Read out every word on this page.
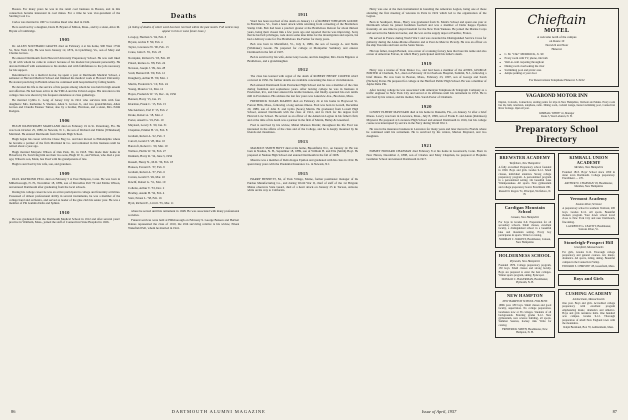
Boston. For many years he was in the retail coal business in Boston, and in this connection became interested in coal mines. For a time he was vice-president of the Sterling Coal Co.

Carlos was married in 1907 to Caroline Read who died in 1949.

He is survived by a daughter, Doris B. Bryant of Milton, Mass., and by a sister, Alice M. Bryant of Cambridge.

1905

Dr. ALLEN SOUTHARD GRAVES died on February 4 at his home, 900 West 175th St., New York City. He was born January 12, 1874, in Lynchburg, Va., son of Mary and Charles Graves.

He entered Dartmouth from Howard University Preparatory School. He was well liked by all with whom he came in contact because of his modest but pleasant personality. He devoted himself with earnestness to his studies and with faithfulness to the jobs necessary for his support.

Determined to be a medical doctor, he spent a year at Dartmouth Medical School, a semester at Harvard Medical School and finished his medical work at Howard University. He started practicing in Harlem where he continued until hospitalized by failing health.

He devoted his life to the service of his people among whom he was held in high esteem and affection. He had been active in the YMCA and the Urban League. His devotion to his college class was shown by his frequent attendance at class gatherings.

He married Cyblla C. Long of Jersey City in 1912 who survives him with four daughters: Mrs. Katharine S. Shelton, Allen S. Graves Jr., and two grandchildren, Allen Graves and Claudia Eleanor Turner, also by a brother, Harrison, and a sister, Mrs. Edith Rodgers.

1906

HUGH WAINWRIGHT MARTLAND died on February 19 in St. Petersburg, Fla. He was born October 25, 1886, in Newark, N. J., the son of Richard and Emma (Whitehead) Martland. He entered Dartmouth from Newark High School.

Hugh began his career with the Chase Bag Co. and later moved to Philadelphia where he became a partner of the firm Martland & Co. and remained in this business until he retired about a year ago.

Hugh married Marjorie Wilson of Oak Park, Ill., in 1918. This made their home in Haverford, Pa. Surviving him are their two sons, Hugh W. Jr., and Wilson, who died a year ago; Wilson's son, Mark, has lived with his grandparents of late.

Hugh is survived by his wife, son, and grandson.

1909

PAUL RAYMOND PELL died on February 5 at East Hampton, Conn. He was born in Millerborough, N. H., November 18, 1889, son of Marcellus Pell '70 and Emma Wilson, and entered Dartmouth after graduating from the local schools.

During his college career he was an active participant in college and fraternity activities. Possessed of almost professional ability in several instruments, he was a member of the college band and orchestra, and served as leader of the glee club his senior year. He was a member of Phi Gamma Delta and Sphinx.

1910

He was graduated from the Dartmouth Medical School in 1912 and after several years' practice in Waltham, Mass., joined the staff of Connecticut State Hospital in 1926.

Deaths
(A listing of deaths of which word has been received within the past month. Full notices may appear in this or some future issue.)

Lovejoy, Herman S. '94, Feb. 3

Bryant, Archie F. '99, Feb. 4

Taylor, Lawrence W. '00, Feb. 13

Crane, John E. '01, Feb. 23

Nordquist, Richard S. '03, Feb. 28

Pinard, Romeo G. '08, Feb. 24

Newson, Joseph J. '09, Jan. 28

Scull, Bernard M. '09, Feb. 12

Daugherty, Arthur H. '09, Mar. 1

Martin, Frederick S. '10, Feb. 24

Young, Maurice '12, Mar. 12

Hayes, Frederick W. '13, Dec. 14, 1956

Bennett, Harry '15, Jan. 25

Klarman, Frank C. '15, Feb. 15

MacAndrews, Earl P. '15, Feb. 2

Drake, Robert A. '18, Mar. 2

Porter, Ansell G. '19, Feb. 10

Maynard, Lowry E. '20, Jan. 31

Chapman, Emmet H. '21, Feb. 8

Graham, Robert A. '22, Feb. 3

Carroll, Gerald T. '28, Mar. 10

Bancroft, Robert C. '29, Mar. 10

Wallace, Hollis W. '32, Feb. 27

Dunham, Harry R. '34, June 3, 1956

Russell, Henry N., M.D. '36, Feb. 18

Hanson, Everett E. '37, Feb. 9

Graham, Robert A. '37, Feb. 6

Curran, Gerald T. '49, Mar. 10

Rawlif, Robert G. '51, Mar. 10

Collette, Arthur T. '53, Dec. 2

Bradley, Austin H. '56, Feb. 4

Starr, Ernest L. '58, Feb. 16

Byrd, Richard E., Litt.D. '55, Mar. 11

where he served until his retirement in 1948. He was associated with many professional societies.

Funeral services were held at Hillsborough on February 9. George Benson and Herbert Raines represented the class of 1910, the 45th surviving relative is his widow, Eileen Wakefield Pell, whom he married in 1941.

1911

Word has been received of the death on January 11 of ROBERT WHEATON GOODE, in Brattleboro, Vt., from a heart attack while returning from a meeting of the Brattleboro Stamp Club. Bob had been a precinct greeter at the Brattleboro Retreat for about thirteen years, being their closest link a few years ago and reported that he was improving. Sorry that he had left privileges, rode down some nine miles for the investigation and reports, but had a delivery route for five Brattleboro Re-Former for many years.

Bob was born in Marshfield, Vt., July 6, 1886, the son of George A. and Nettie (Whittaker) Goode. He prepared for college at Montpelier Seminary and entered Dartmouth in the fall of 1907.

Bob is survived by his wife, Anna Gray Goode, and his daughter, Mrs. Doris Bigelow of Brattleboro, and a granddaughter.

1912

The class has learned with regret of the death of ROBERT HENRY COOPER which occurred in 1956. No further details are available concerning the date or circumstances.

Bob entered Dartmouth from Pawtucket High School and he was a member of the class during freshman and sophomore years. After leaving college he was in business in Pawtucket, R.I., and later entered the textile business, and finally operated his own textile mill in Providence. His address the last few years was Lakeview Ave., Brockton, Mass.

FREDERICK SOARS MARTIN died on February 24 at his home in Haywood St., Forrest Hills, Mass., following a long serious illness. Fred was born in Lowell, December 20, 1889, son of John E. and Lydia (Soars) Martin. He graduated from Lowell High School, entered Dartmouth with the class of 1912, and in 1924 for his degree from Harvard Law School. He served as an officer of the American Legion in his father's firm, and at the time of his death was a partner in the firm of Martin, Bailey & Greenleaf.

Fred is survived by his widow, Mabel Marston Martin; throughout his life Fred was interested in the affairs of the class and of the College, and he is deeply mourned by his friends and classmates.

1913

MAURICE SMITH HOYT died at his home, Bloomfield, N.J., on January 12. He was born in Nashua, N. H., September 18, 1889, son of William H. and Ella (Smith) Hoyt. He prepared at Nashua High School and entered Dartmouth in the fall of 1908.

Maurice was a member of Delta Kappa Epsilon and graduated with his class in 1912. He spent many years with the Prudential Insurance Co. in Newark, N.J.

1915

HARRY BENNETT, 84, of York Village, Maine, former postmaster manager of the Purdue Manufacturing Co., and during World War II, chief of staff of the 1st Brigade, Maine observers State Guard, died of a heart attack on January 25 in Tucson, Arizona, while on his way to California.

Harry was one of the men instrumental in founding the American Legion, being one of those attending the first meeting of veterans in Paris in 1919 which led to the organization of the Legion.

Born in Southport, Mass., Harry was graduated from St. Mark's School and spent one year at Dartmouth where he joined freshman football and was a member of Delta Kappa Epsilon fraternity. At one time he played baseball for the New York Yankees. He joined the Marine Corps and served in the Mexican border, and the war on the supply depot at Pauillac, France.

He served in France during World War I and was awarded the Distinguished Service Cross for gallantry during the Aisne-Marne offensive and at Pont de Metz in Picardy. He was an officer on the ship Tuscania and later on the Santa Teresa.

His late father, Joseph Barnett, was owner of a tanning factory here that bore his name and also owner of American Falcon, in which Harry participated until his father's death.

1919

Harry was a trustee of York Manor Co., and had been a member of the ANSEL GEORGE PORTER of Chatham, N.J., died on February 10 in Overlook Hospital, Summit, N.J., following a brief illness. He was born in Boston, Mass., February 23, 1897, son of George and Sarah (Nichols) Porter. He prepared for college at the Hartford Public High School. He was a member of Alpha Delta Phi.

After leaving college he was associated with American Telephone & Telegraph Company as a traffic engineer in New York City and served at its affiliates until his retirement in 1953. He is survived by his widow, and his mother, Mrs. Sarah Porter of Chatham.

1920

LOWRY ELBERT MAYNARD died at his home in Dunedin, Fla., on January 31 after a brief illness. Lowry was born in Lawrence, Mass., July 8, 1899, son of Frank E. and Annie (Robinson) Maynard. He prepared at Lawrence High School and entered Dartmouth in 1916, but his college course was interrupted by service in the Navy during World War I.

He was in the insurance business in Lawrence for many years and later moved to Florida where he continued until his retirement. He is survived by his widow, Marion Maynard, and two daughters.

1921

EMMET HOWARD CHAPMAN died February 8 at his home in Greenwich, Conn. Born in New Haven, December 2, 1898, son of Charles and Mary Chapman, he prepared at Hopkins Grammar School and entered Dartmouth in 1917.

Chieftain
MOTEL
A welcome north of the campus
on Route 10
Norwich and Near
Hanover
● C. M. "Chic" MURDOCK, Jr. '49
● Every room with TV, phone, tile bath
● Wall-to-wall carpeting throughout
● Dining room overlooking the river
● Swimming pool and picnic area
● Ample parking at your door
For Reservations Telephone Hanover 3-3222
VAGABOND MOTOR INN

Duplex, Colorado, Connecticut, starting points for trips in New Hampshire, Vermont and Maine. Every room has tile bath, television, telephone, radio. Dining room, cocktail lounge, heated swimming pool, Connecticut River frontage. Open all year.

KIMBALL WHITE '41, Manager
Route 5, West Lebanon, N. H.
Preparatory School Directory
BREWSTER ACADEMY
Wolfeboro, New Hampshire

A fully accredited Preparatory school founded in 1820. Boys and girls. Grades 9-12. Small classes, individual attention. Strong college preparatory program. A personalized program in a personalized setting. On beautiful Lake Winnipesaukee. All sports. New gymnasium and college preparatory board. Enrollment 180.

Russell D. Rogers '31, Principal, Wolfeboro, N. H.
Cardigan Mountain School
Canaan, New Hampshire

For boys in Grades 6-9. Preparation for all secondary schools. Small classes, excellent faculty, a distinguished school in a beautiful lake and mountain setting. Every boy participates in sports. Write for catalog.

NORMAN C. WAKELY, Headmaster, Canaan, New Hampshire
HOLDERNESS SCHOOL
Plymouth, New Hampshire

Founded 1879. College preparatory program, 130 boys. Small classes and strong faculty. Boys are prepared to enter the best colleges. Winter sports program, skiing. Episcopal.

DONALD C. HAGERMAN, Headmaster, Plymouth, N. H.
NEW HAMPTON
NEW HAMPTON SCHOOL FOR BOYS

168th year. 180 boys. Small classes and good faculty, supervision. No college preparation. Graduates now at 36 colleges. Students of all backgrounds. Entering grades 9-12. New gymnasium, new science building, all sports. Summer Session, hockey rink. Write for catalog.

FREDERICK SMITH, Headmaster, New Hampton, N. H.
KIMBALL UNION ACADEMY
Meriden, New Hampshire

Founded 1813. Boys' School since 1950 in sister town Dartmouth. College preparatory. Enrollment — 170.

ARTHUR W. CHAPMAN '18, Headmaster, Meriden, New Hampshire
Vermont Academy
Saxtons River, Vermont

A preparatory school in southern Vermont, 200 boys. Grades 9-12. All sports. Beautiful modern program. Your down school loved close to New York City and near Dartmouth, fine skiing.

LAURENCE G. LEAVITT, Headmaster, Saxtons River, Vt.
Stoneleigh-Prospect Hill
Greenfield, Massachusetts

For girls, Grades 9-12. Thorough college preparatory and general courses. Art, music, dramatics. All sports, riding, skiing. Beautiful campus in the Connecticut Valley.

EDWARD S. CHRISTIE '28, Greenfield, Mass.
Boys and Girls
CUSHING ACADEMY
Ashburnham, Massachusetts

One year. Boys and girls. Accredited college preparatory with excellent program emphasizing music, dramatics and athletics. Boys and girls residence halls. One hundred acre campus. Grades 9-12. Thorough preparation of small New England town with the mountains.

Ralph Buckland, Box 70, Ashburnham, Mass.
86	DARTMOUTH ALUMNI MAGAZINE	Issue of April, 1957	87
